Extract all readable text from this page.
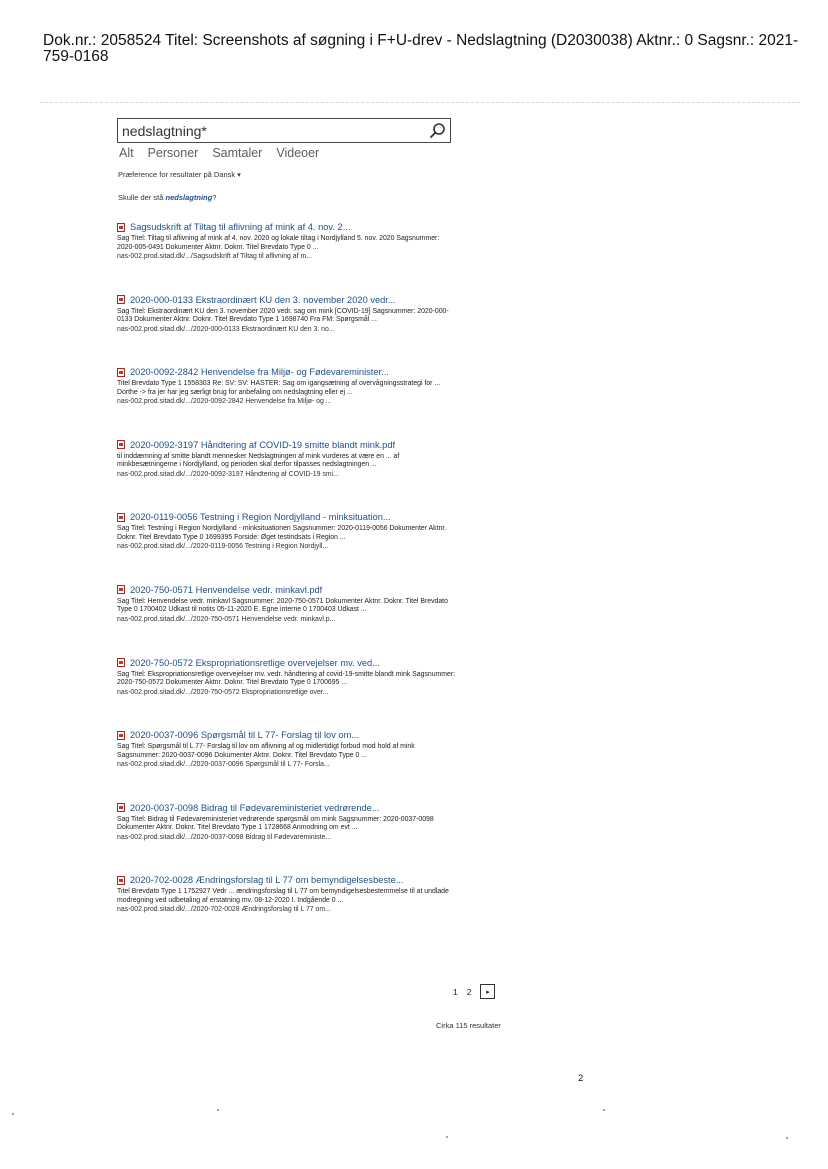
Dok.nr.: 2058524 Titel: Screenshots af søgning i F+U-drev - Nedslagtning (D2030038) Aktnr.: 0 Sagsnr.: 2021-759-0168
nedslagtning*
Alt Personer Samtaler Videoer
Præference for resultater på Dansk ▾
Skulle der stå nedslagtning?
Sagsudskrift af Tiltag til aflivning af mink af 4. nov. 2...
Sag Titel: Tiltag til aflivning af mink af 4. nov. 2020 og lokale tiltag i Nordjylland 5. nov. 2020 Sagsnummer: 2020-005-0491 Dokumenter Aktnr. Doknr. Titel Brevdato Type 0 ...
nas-002.prod.sitad.dk/.../Sagsudskrift af Tiltag til aflivning af m...
2020-000-0133 Ekstraordinært KU den 3. november 2020 vedr...
Sag Titel: Ekstraordinært KU den 3. november 2020 vedr. sag om mink [COVID-19] Sagsnummer: 2020-000-0133 Dokumenter Aktnr. Doknr. Titel Brevdato Type 1 1698740 Fra FM: Spørgsmål ...
nas-002.prod.sitad.dk/.../2020-000-0133 Ekstraordinært KU den 3. no...
2020-0092-2842 Henvendelse fra Miljø- og Fødevareminister...
Titel Brevdato Type 1 1558303 Re: SV: SV: HASTER: Sag om igangsætning af overvågningsstrategi for ... Dorthe -> fra jer har jeg særligt brug for anbefaling om nedslagtning eller ej ...
nas-002.prod.sitad.dk/.../2020-0092-2842 Henvendelse fra Miljø- og ...
2020-0092-3197 Håndtering af COVID-19 smitte blandt mink.pdf
til inddæmning af smitte blandt mennesker Nedslagtningen af mink vurderes at være en ... af minkbesætningerne i Nordjylland, og perioden skal derfor tilpasses nedslagtningen ...
nas-002.prod.sitad.dk/.../2020-0092-3197 Håndtering af COVID-19 smi...
2020-0119-0056 Testning i Region Nordjylland - minksituation...
Sag Titel: Testning i Region Nordjylland - minksituationen Sagsnummer: 2020-0119-0056 Dokumenter Aktnr. Doknr. Titel Brevdato Type 0 1699395 Forside: Øget testindsats i Region ...
nas-002.prod.sitad.dk/.../2020-0119-0056 Testning i Region Nordjyll...
2020-750-0571 Henvendelse vedr. minkavl.pdf
Sag Titel: Henvendelse vedr. minkavl Sagsnummer: 2020-750-0571 Dokumenter Aktnr. Doknr. Titel Brevdato Type 0 1700402 Udkast til notits 05-11-2020 E. Egne interne 0 1700403 Udkast ...
nas-002.prod.sitad.dk/.../2020-750-0571 Henvendelse vedr. minkavl.p...
2020-750-0572 Ekspropriationsretlige overvejelser mv. ved...
Sag Titel: Ekspropriationsretlige overvejelser mv. vedr. håndtering af covid-19-smitte blandt mink Sagsnummer: 2020-750-0572 Dokumenter Aktnr. Doknr. Titel Brevdato Type 0 1700695 ...
nas-002.prod.sitad.dk/.../2020-750-0572 Ekspropriationsretlige over...
2020-0037-0096 Spørgsmål til L 77- Forslag til lov om...
Sag Titel: Spørgsmål til L 77- Forslag til lov om aflivning af og midlertidigt forbud mod hold af mink Sagsnummer: 2020-0037-0096 Dokumenter Aktnr. Doknr. Titel Brevdato Type 0 ...
nas-002.prod.sitad.dk/.../2020-0037-0096 Spørgsmål til L 77- Forsla...
2020-0037-0098 Bidrag til Fødevareministeriet vedrørende...
Sag Titel: Bidrag til Fødevareministeriet vedrørende spørgsmål om mink Sagsnummer: 2020-0037-0098 Dokumenter Aktnr. Doknr. Titel Brevdato Type 1 1728668 Anmodning om evt ...
nas-002.prod.sitad.dk/.../2020-0037-0098 Bidrag til Fødevareministe...
2020-702-0028 Ændringsforslag til L 77 om bemyndigelsesbeste...
Titel Brevdato Type 1 1752927 Vedr ... ændringsforslag til L 77 om bemyndigelsesbestemmelse til at undlade modregning ved udbetaling af erstatning mv. 08-12-2020 I. Indgående 0 ...
nas-002.prod.sitad.dk/.../2020-702-0028 Ændringsforslag til L 77 om...
1 2 ▸
Cirka 115 resultater
2
